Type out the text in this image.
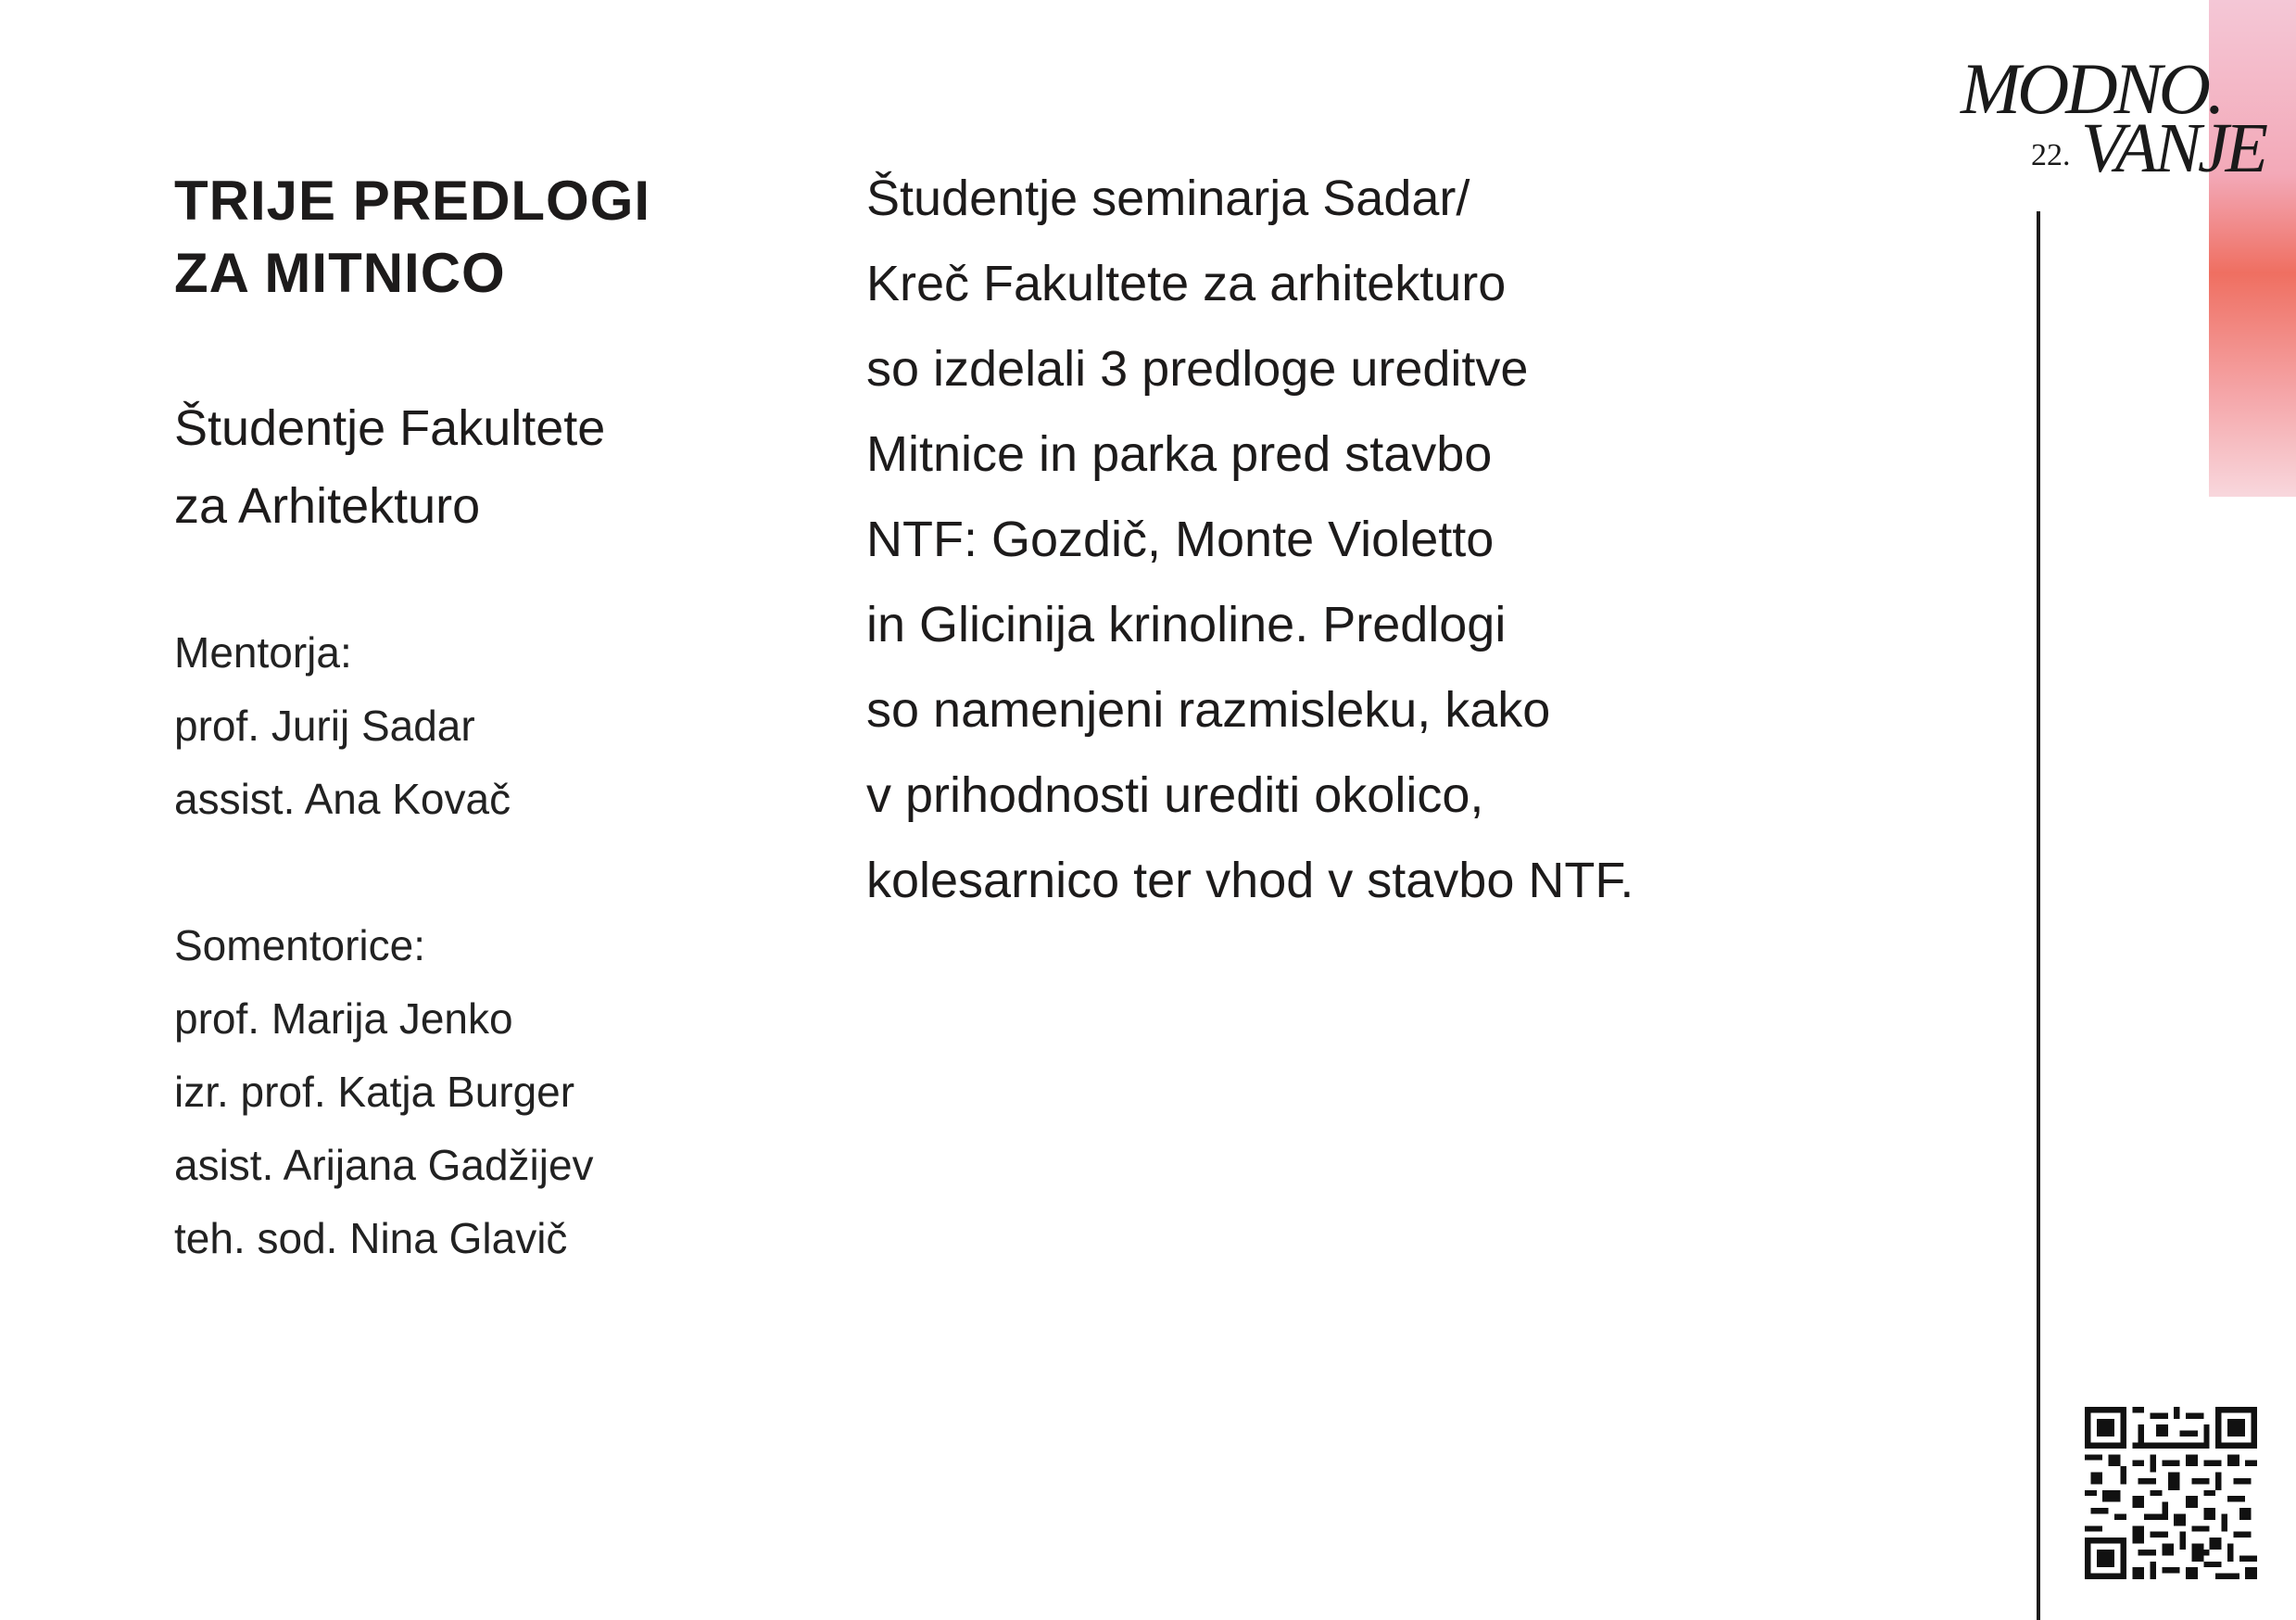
TRIJE PREDLOGI
ZA MITNICO
Študentje Fakultete
za Arhitekturo
Mentorja:
prof. Jurij Sadar
assist. Ana Kovač
Somentorice:
prof. Marija Jenko
izr. prof. Katja Burger
asist. Arijana Gadžijev
teh. sod. Nina Glavič

Študentje seminarja Sadar/
Kreč Fakultete za arhitekturo
so izdelali 3 predloge ureditve
Mitnice in parka pred stavbo
NTF: Gozdič, Monte Violetto
in Glicinija krinoline. Predlogi
so namenjeni razmisleku, kako
v prihodnosti urediti okolico,
kolesarnico ter vhod v stavbo NTF.

MODNO.
22. VANJE
